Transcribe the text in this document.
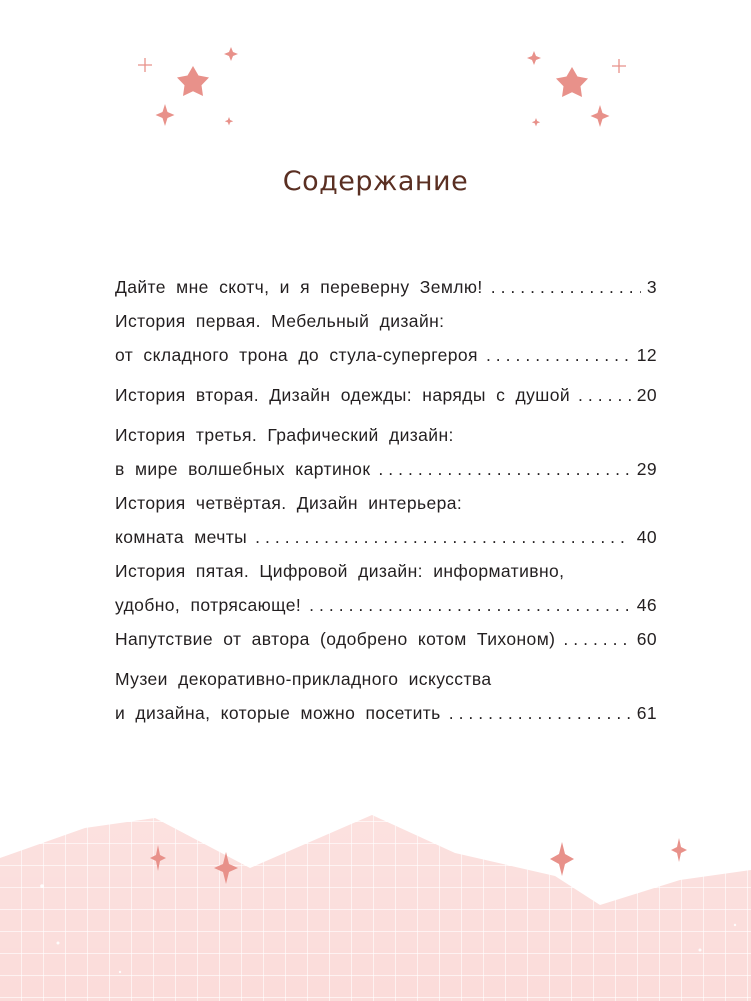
Содержание
Дайте мне скотч, и я переверну Землю! .....	3
История первая. Мебельный дизайн:
от складного трона до стула-супергероя .....	12
История вторая. Дизайн одежды: наряды с душой .....	20
История третья. Графический дизайн:
в мире волшебных картинок .....	29
История четвёртая. Дизайн интерьера:
комната мечты .....	40
История пятая. Цифровой дизайн: информативно,
удобно, потрясающе! .....	46
Напутствие от автора (одобрено котом Тихоном) .....	60
Музеи декоративно-прикладного искусства
и дизайна, которые можно посетить .....	61
